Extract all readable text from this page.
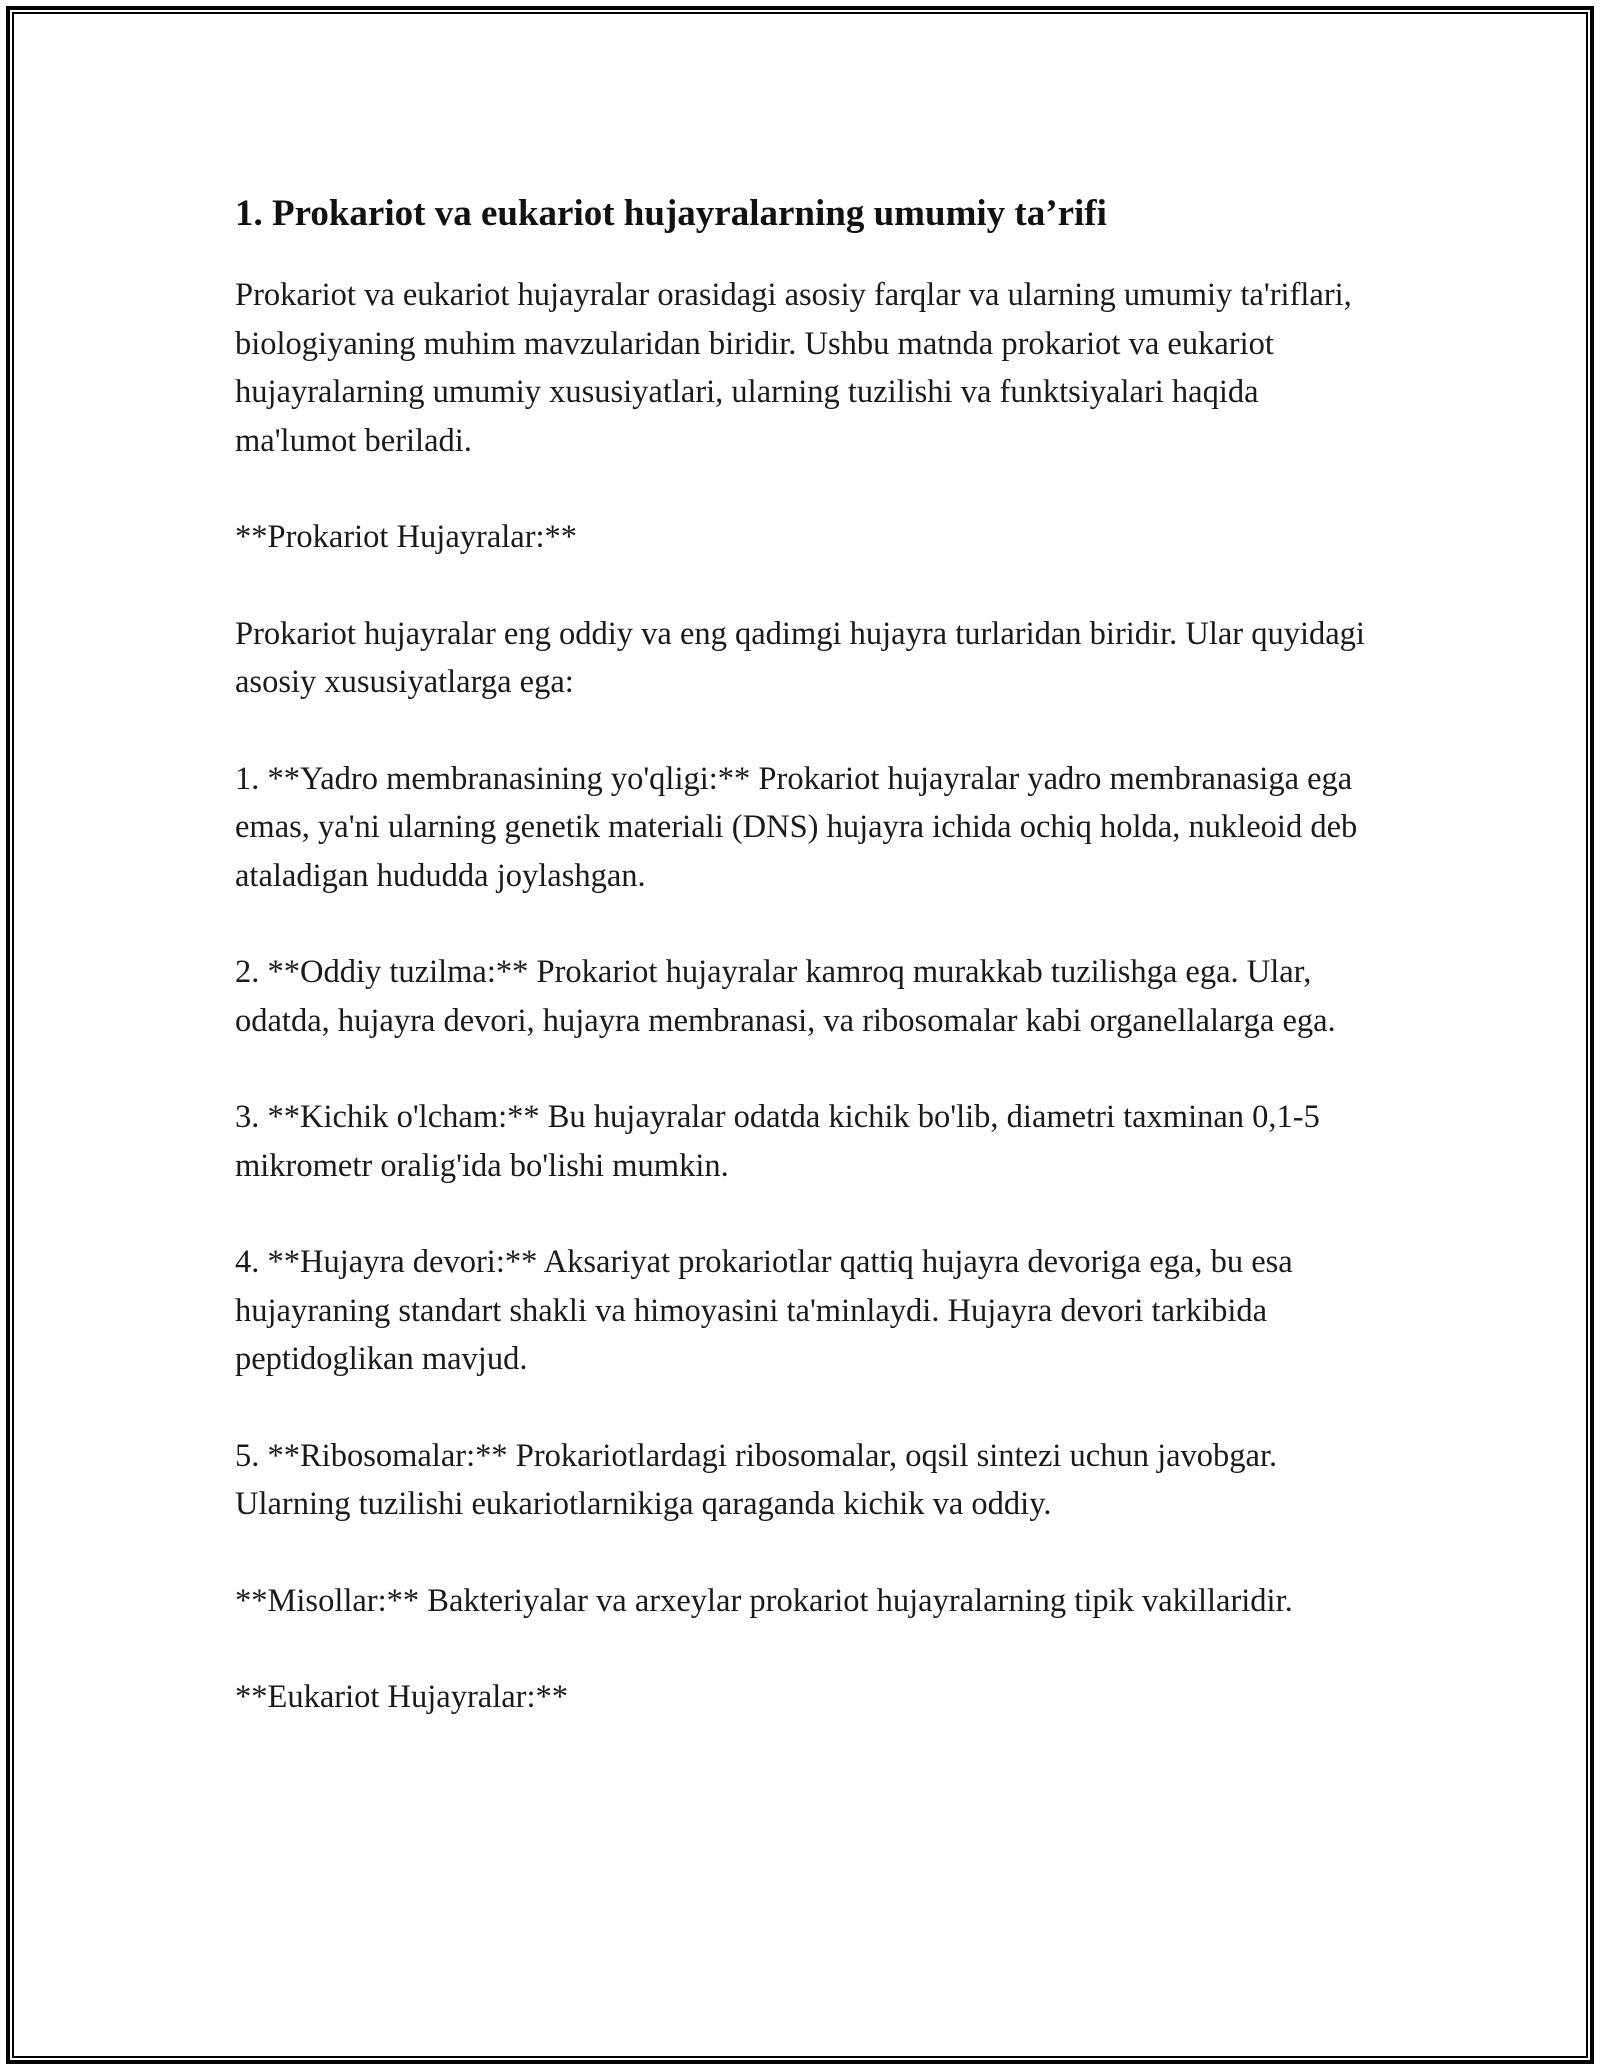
1. Prokariot va eukariot hujayralarning umumiy ta’rifi

Prokariot va eukariot hujayralar orasidagi asosiy farqlar va ularning umumiy ta'riflari, biologiyaning muhim mavzularidan biridir. Ushbu matnda prokariot va eukariot hujayralarning umumiy xususiyatlari, ularning tuzilishi va funktsiyalari haqida ma'lumot beriladi.

**Prokariot Hujayralar:**

Prokariot hujayralar eng oddiy va eng qadimgi hujayra turlaridan biridir. Ular quyidagi asosiy xususiyatlarga ega:

1. **Yadro membranasining yo'qligi:** Prokariot hujayralar yadro membranasiga ega emas, ya'ni ularning genetik materiali (DNS) hujayra ichida ochiq holda, nukleoid deb ataladigan hududda joylashgan.

2. **Oddiy tuzilma:** Prokariot hujayralar kamroq murakkab tuzilishga ega. Ular, odatda, hujayra devori, hujayra membranasi, va ribosomalar kabi organellalarga ega.

3. **Kichik o'lcham:** Bu hujayralar odatda kichik bo'lib, diametri taxminan 0,1-5 mikrometr oralig'ida bo'lishi mumkin.

4. **Hujayra devori:** Aksariyat prokariotlar qattiq hujayra devoriga ega, bu esa hujayraning standart shakli va himoyasini ta'minlaydi. Hujayra devori tarkibida peptidoglikan mavjud.

5. **Ribosomalar:** Prokariotlardagi ribosomalar, oqsil sintezi uchun javobgar. Ularning tuzilishi eukariotlarnikiga qaraganda kichik va oddiy.

**Misollar:** Bakteriyalar va arxeylar prokariot hujayralarning tipik vakillaridir.

**Eukariot Hujayralar:**
